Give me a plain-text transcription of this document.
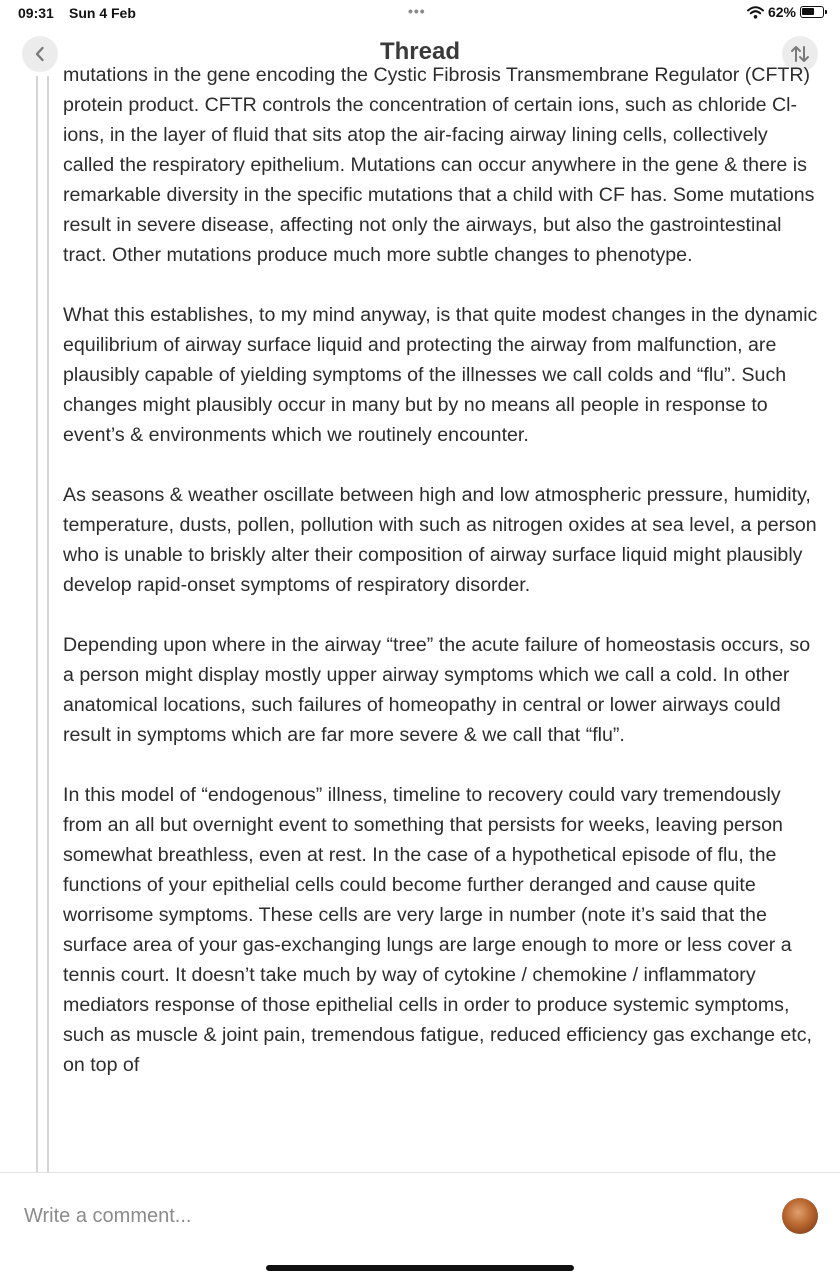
09:31 Sun 4 Feb	•••	62%
Thread

mutations in the gene encoding the Cystic Fibrosis Transmembrane Regulator (CFTR) protein product. CFTR controls the concentration of certain ions, such as chloride Cl- ions, in the layer of fluid that sits atop the air-facing airway lining cells, collectively called the respiratory epithelium. Mutations can occur anywhere in the gene & there is remarkable diversity in the specific mutations that a child with CF has. Some mutations result in severe disease, affecting not only the airways, but also the gastrointestinal tract. Other mutations produce much more subtle changes to phenotype.

What this establishes, to my mind anyway, is that quite modest changes in the dynamic equilibrium of airway surface liquid and protecting the airway from malfunction, are plausibly capable of yielding symptoms of the illnesses we call colds and “flu”. Such changes might plausibly occur in many but by no means all people in response to event’s & environments which we routinely encounter.

As seasons & weather oscillate between high and low atmospheric pressure, humidity, temperature, dusts, pollen, pollution with such as nitrogen oxides at sea level, a person who is unable to briskly alter their composition of airway surface liquid might plausibly develop rapid-onset symptoms of respiratory disorder.

Depending upon where in the airway “tree” the acute failure of homeostasis occurs, so a person might display mostly upper airway symptoms which we call a cold. In other anatomical locations, such failures of homeopathy in central or lower airways could result in symptoms which are far more severe & we call that “flu”.

In this model of “endogenous” illness, timeline to recovery could vary tremendously from an all but overnight event to something that persists for weeks, leaving person somewhat breathless, even at rest. In the case of a hypothetical episode of flu, the functions of your epithelial cells could become further deranged and cause quite worrisome symptoms. These cells are very large in number (note it’s said that the surface area of your gas-exchanging lungs are large enough to more or less cover a tennis court. It doesn’t take much by way of cytokine / chemokine / inflammatory mediators response of those epithelial cells in order to produce systemic symptoms, such as muscle & joint pain, tremendous fatigue, reduced efficiency gas exchange etc, on top of

Write a comment...
